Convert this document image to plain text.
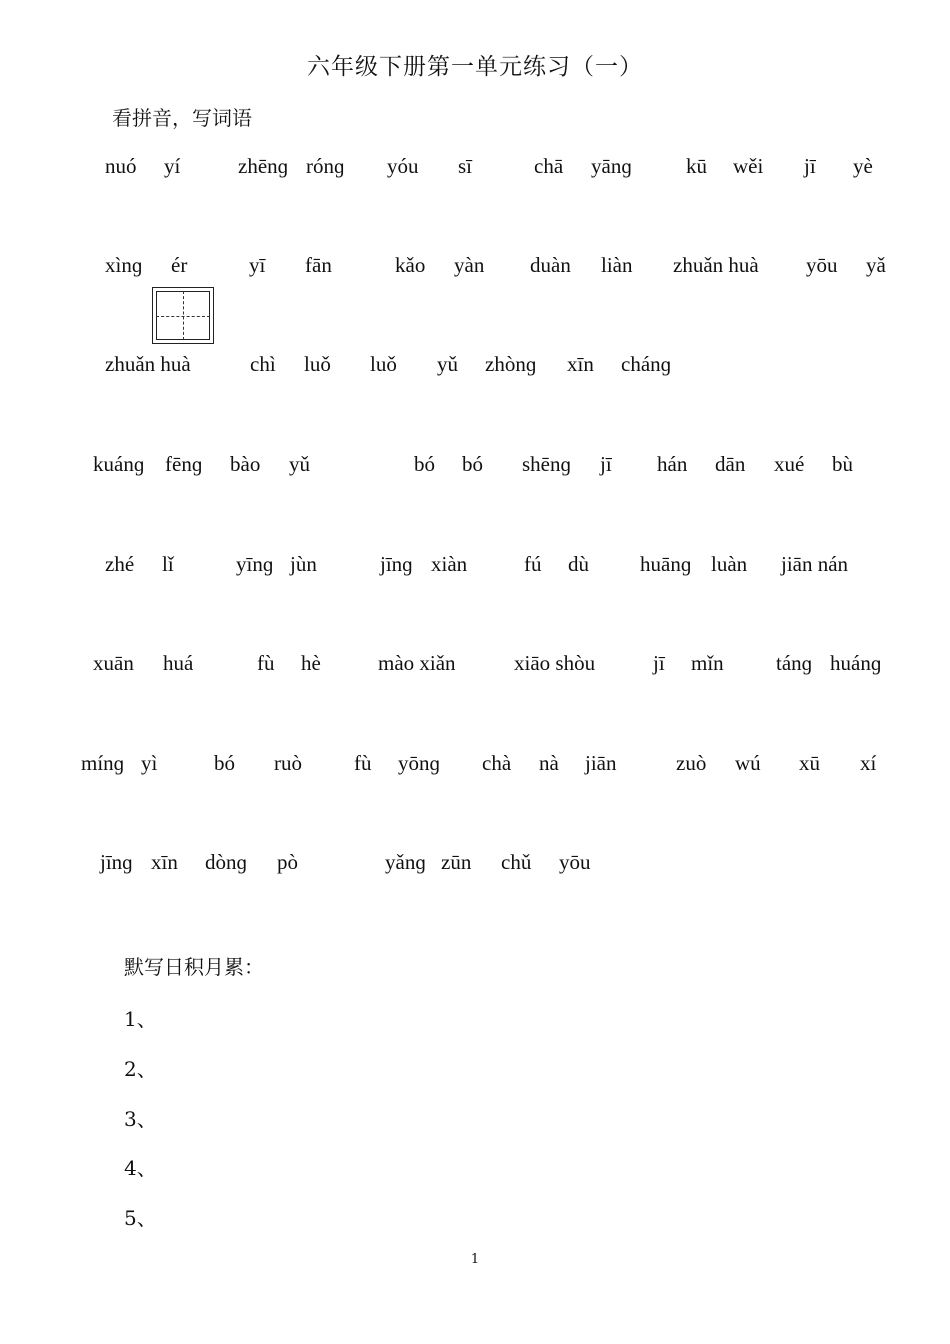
六年级下册第一单元练习（一）
看拼音，写词语
nuó yí	zhēnɡ rónɡ yóu sī	chā yānɡ	kū wěi jī yè
xìnɡ ér	yī fān	kǎo yàn duàn liàn zhuǎn huà yōu yǎ
zhuǎn huà	chì luǒ luǒ yǔ zhònɡ xīn chánɡ
kuánɡ fēnɡ bào yǔ	bó bó shēnɡ jī hán dān xué bù
zhé lǐ	yīnɡ jùn	jīnɡ xiàn	fú dù huānɡ luàn jiān nán
xuān huá	fù hè	mào xiǎn	xiāo shòu	jī mǐn tánɡ huánɡ
mínɡ yì	bó ruò fù yōnɡ chà nà jiān	zuò wú xū xí
jīnɡ xīn dònɡ pò	yǎnɡ zūn chǔ yōu
默写日积月累：
1、
2、
3、
4、
5、
1
